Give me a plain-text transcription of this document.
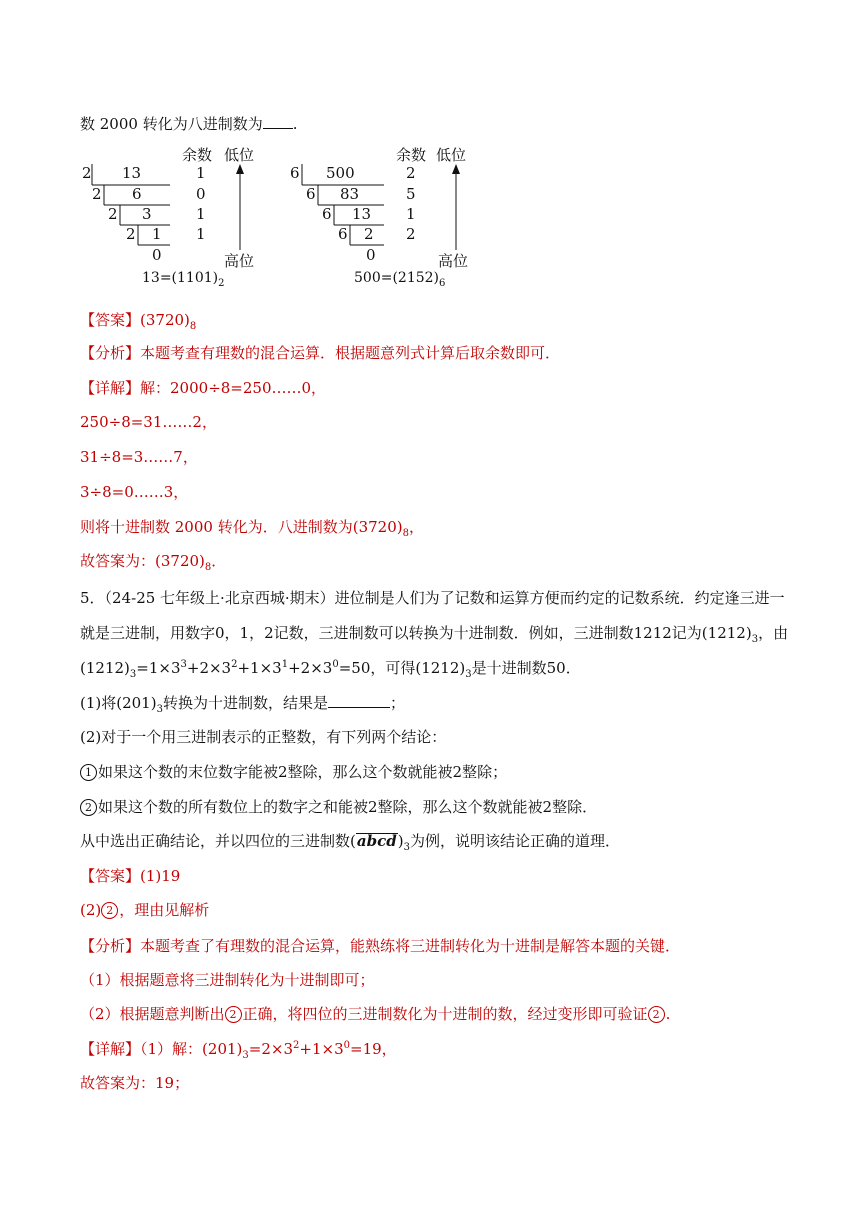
数 2000 转化为八进制数为 .
2 13	1
2 6	0
2 3	1
2 1 1
0
余数 低位
高位
$13=(1101)_2$
6 500	2
6 83	5
6 13 1
6 2 2
0
余数 低位
高位
$500=(2152)_6$
【答案】$(3720)_8$
【分析】本题考查有理数的混合运算．根据题意列式计算后取余数即可．
【详解】解：2000÷8=250……0，
250÷8=31……2，
31÷8=3……7，
3÷8=0……3，
则将十进制数 2000 转化为．八进制数为$(3720)_8$，
故答案为：$(3720)_8$．
5．（24-25 七年级上·北京西城·期末）进位制是人们为了记数和运算方便而约定的记数系统．约定逢三进一
就是三进制，用数字0，1，2记数，三进制数可以转换为十进制数．例如，三进制数1212记为$(1212)_3$，由
$(1212)_3=1\times 3^3+2\times 3^2+1\times 3^1+2\times 3^0=50$，可得$(1212)_3$是十进制数50．
(1)将$(201)_3$转换为十进制数，结果是	；
(2)对于一个用三进制表示的正整数，有下列两个结论：
1 如果这个数的末位数字能被2整除，那么这个数就能被2整除；
2 如果这个数的所有数位上的数字之和能被2整除，那么这个数就能被2整除．
从中选出正确结论，并以四位的三进制数$(abcd)_3$为例，说明该结论正确的道理．
【答案】(1)19
(2) 2 ，理由见解析
【分析】本题考查了有理数的混合运算，能熟练将三进制转化为十进制是解答本题的关键．
（1）根据题意将三进制转化为十进制即可；
（2）根据题意判断出 2 正确，将四位的三进制数化为十进制的数，经过变形即可验证 2 .
【详解】（1）解：$(201)_3=2\times 3^2+1\times 3^0=19$，
故答案为：19；
